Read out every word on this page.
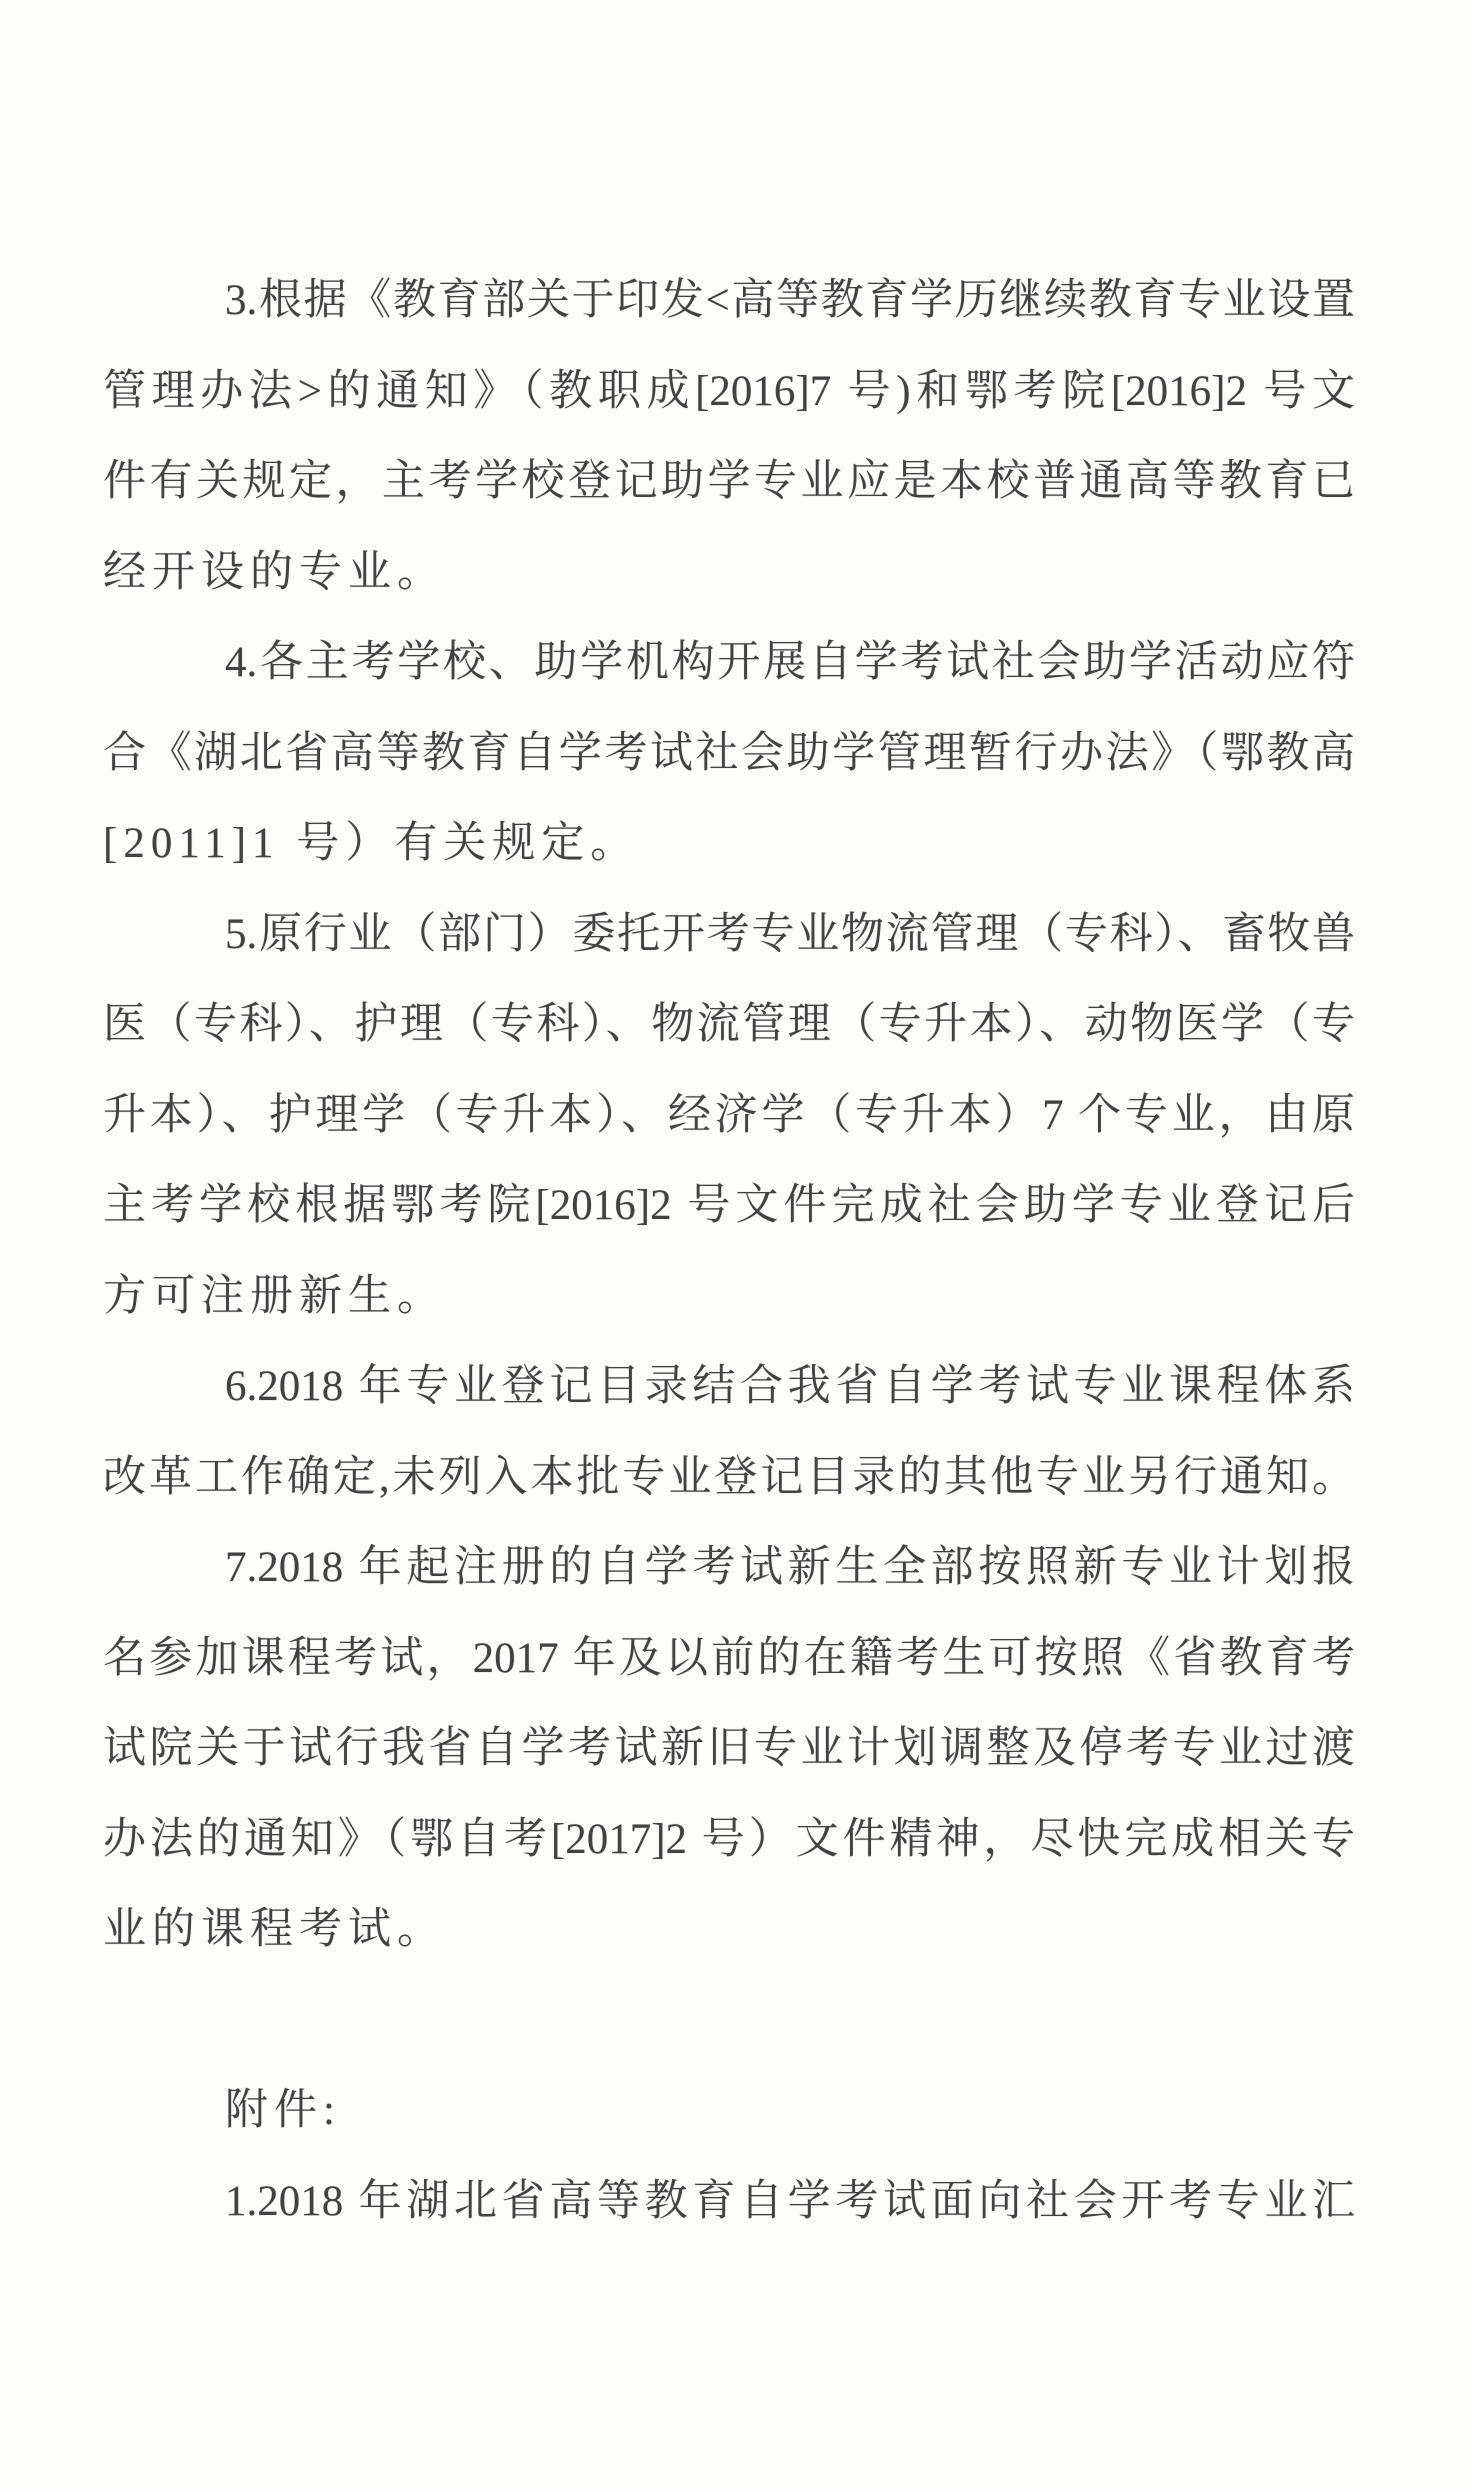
3.根据《教育部关于印发<高等教育学历继续教育专业设置
管理办法>的通知》（教职成[2016]7 号)和鄂考院[2016]2 号文
件有关规定，主考学校登记助学专业应是本校普通高等教育已
经开设的专业。
4.各主考学校、助学机构开展自学考试社会助学活动应符
合《湖北省高等教育自学考试社会助学管理暂行办法》（鄂教高
[2011]1 号）有关规定。
5.原行业（部门）委托开考专业物流管理（专科）、畜牧兽
医（专科）、护理（专科）、物流管理（专升本）、动物医学（专
升本）、护理学（专升本）、经济学（专升本）7 个专业，由原
主考学校根据鄂考院[2016]2 号文件完成社会助学专业登记后
方可注册新生。
6.2018 年专业登记目录结合我省自学考试专业课程体系
改革工作确定,未列入本批专业登记目录的其他专业另行通知。
7.2018 年起注册的自学考试新生全部按照新专业计划报
名参加课程考试，2017 年及以前的在籍考生可按照《省教育考
试院关于试行我省自学考试新旧专业计划调整及停考专业过渡
办法的通知》（鄂自考[2017]2 号）文件精神，尽快完成相关专
业的课程考试。
附件:
1.2018 年湖北省高等教育自学考试面向社会开考专业汇
